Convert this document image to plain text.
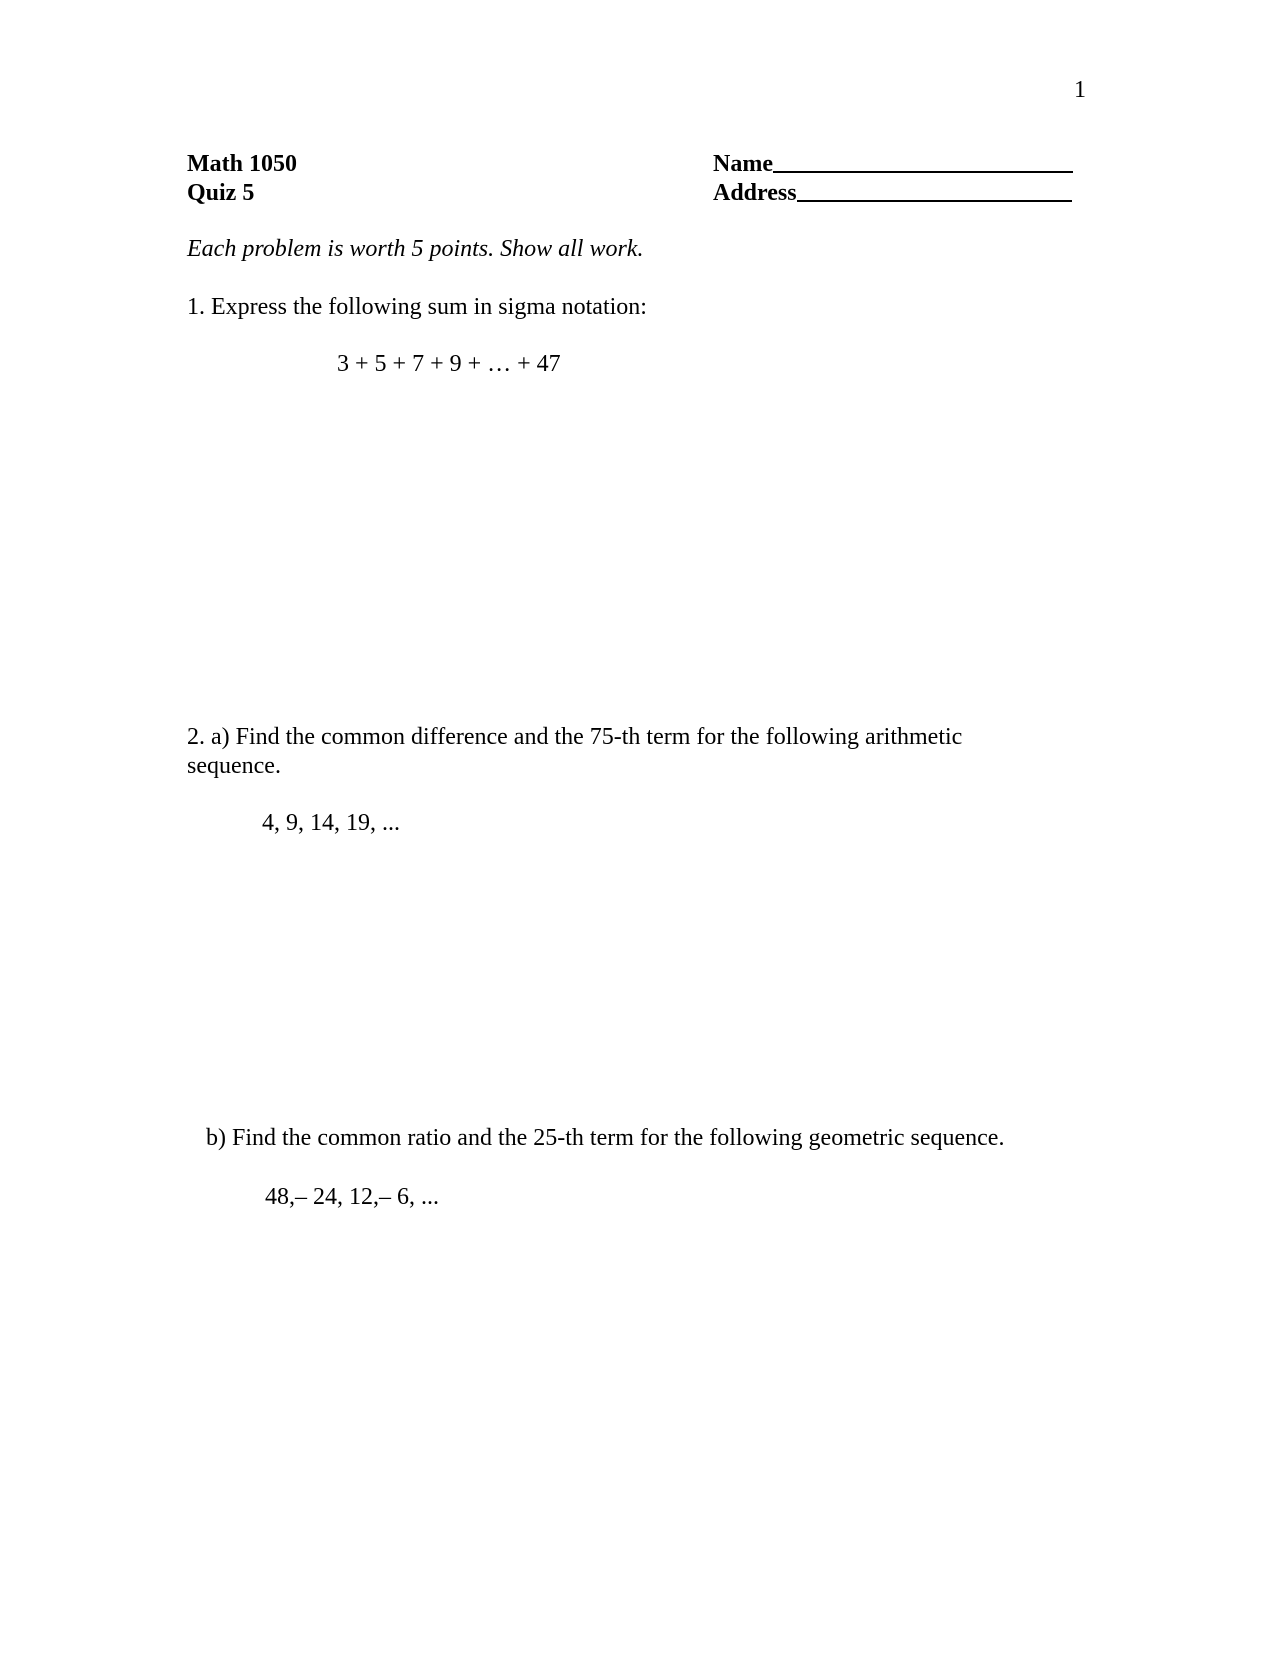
1
Math 1050
Quiz 5
Name
Address
Each problem is worth 5 points. Show all work.
1. Express the following sum in sigma notation:
3 + 5 + 7 + 9 + … + 47
2. a) Find the common difference and the 75-th term for the following arithmetic
sequence.
4, 9, 14, 19, ...
b) Find the common ratio and the 25-th term for the following geometric sequence.
48,– 24, 12,– 6, ...
